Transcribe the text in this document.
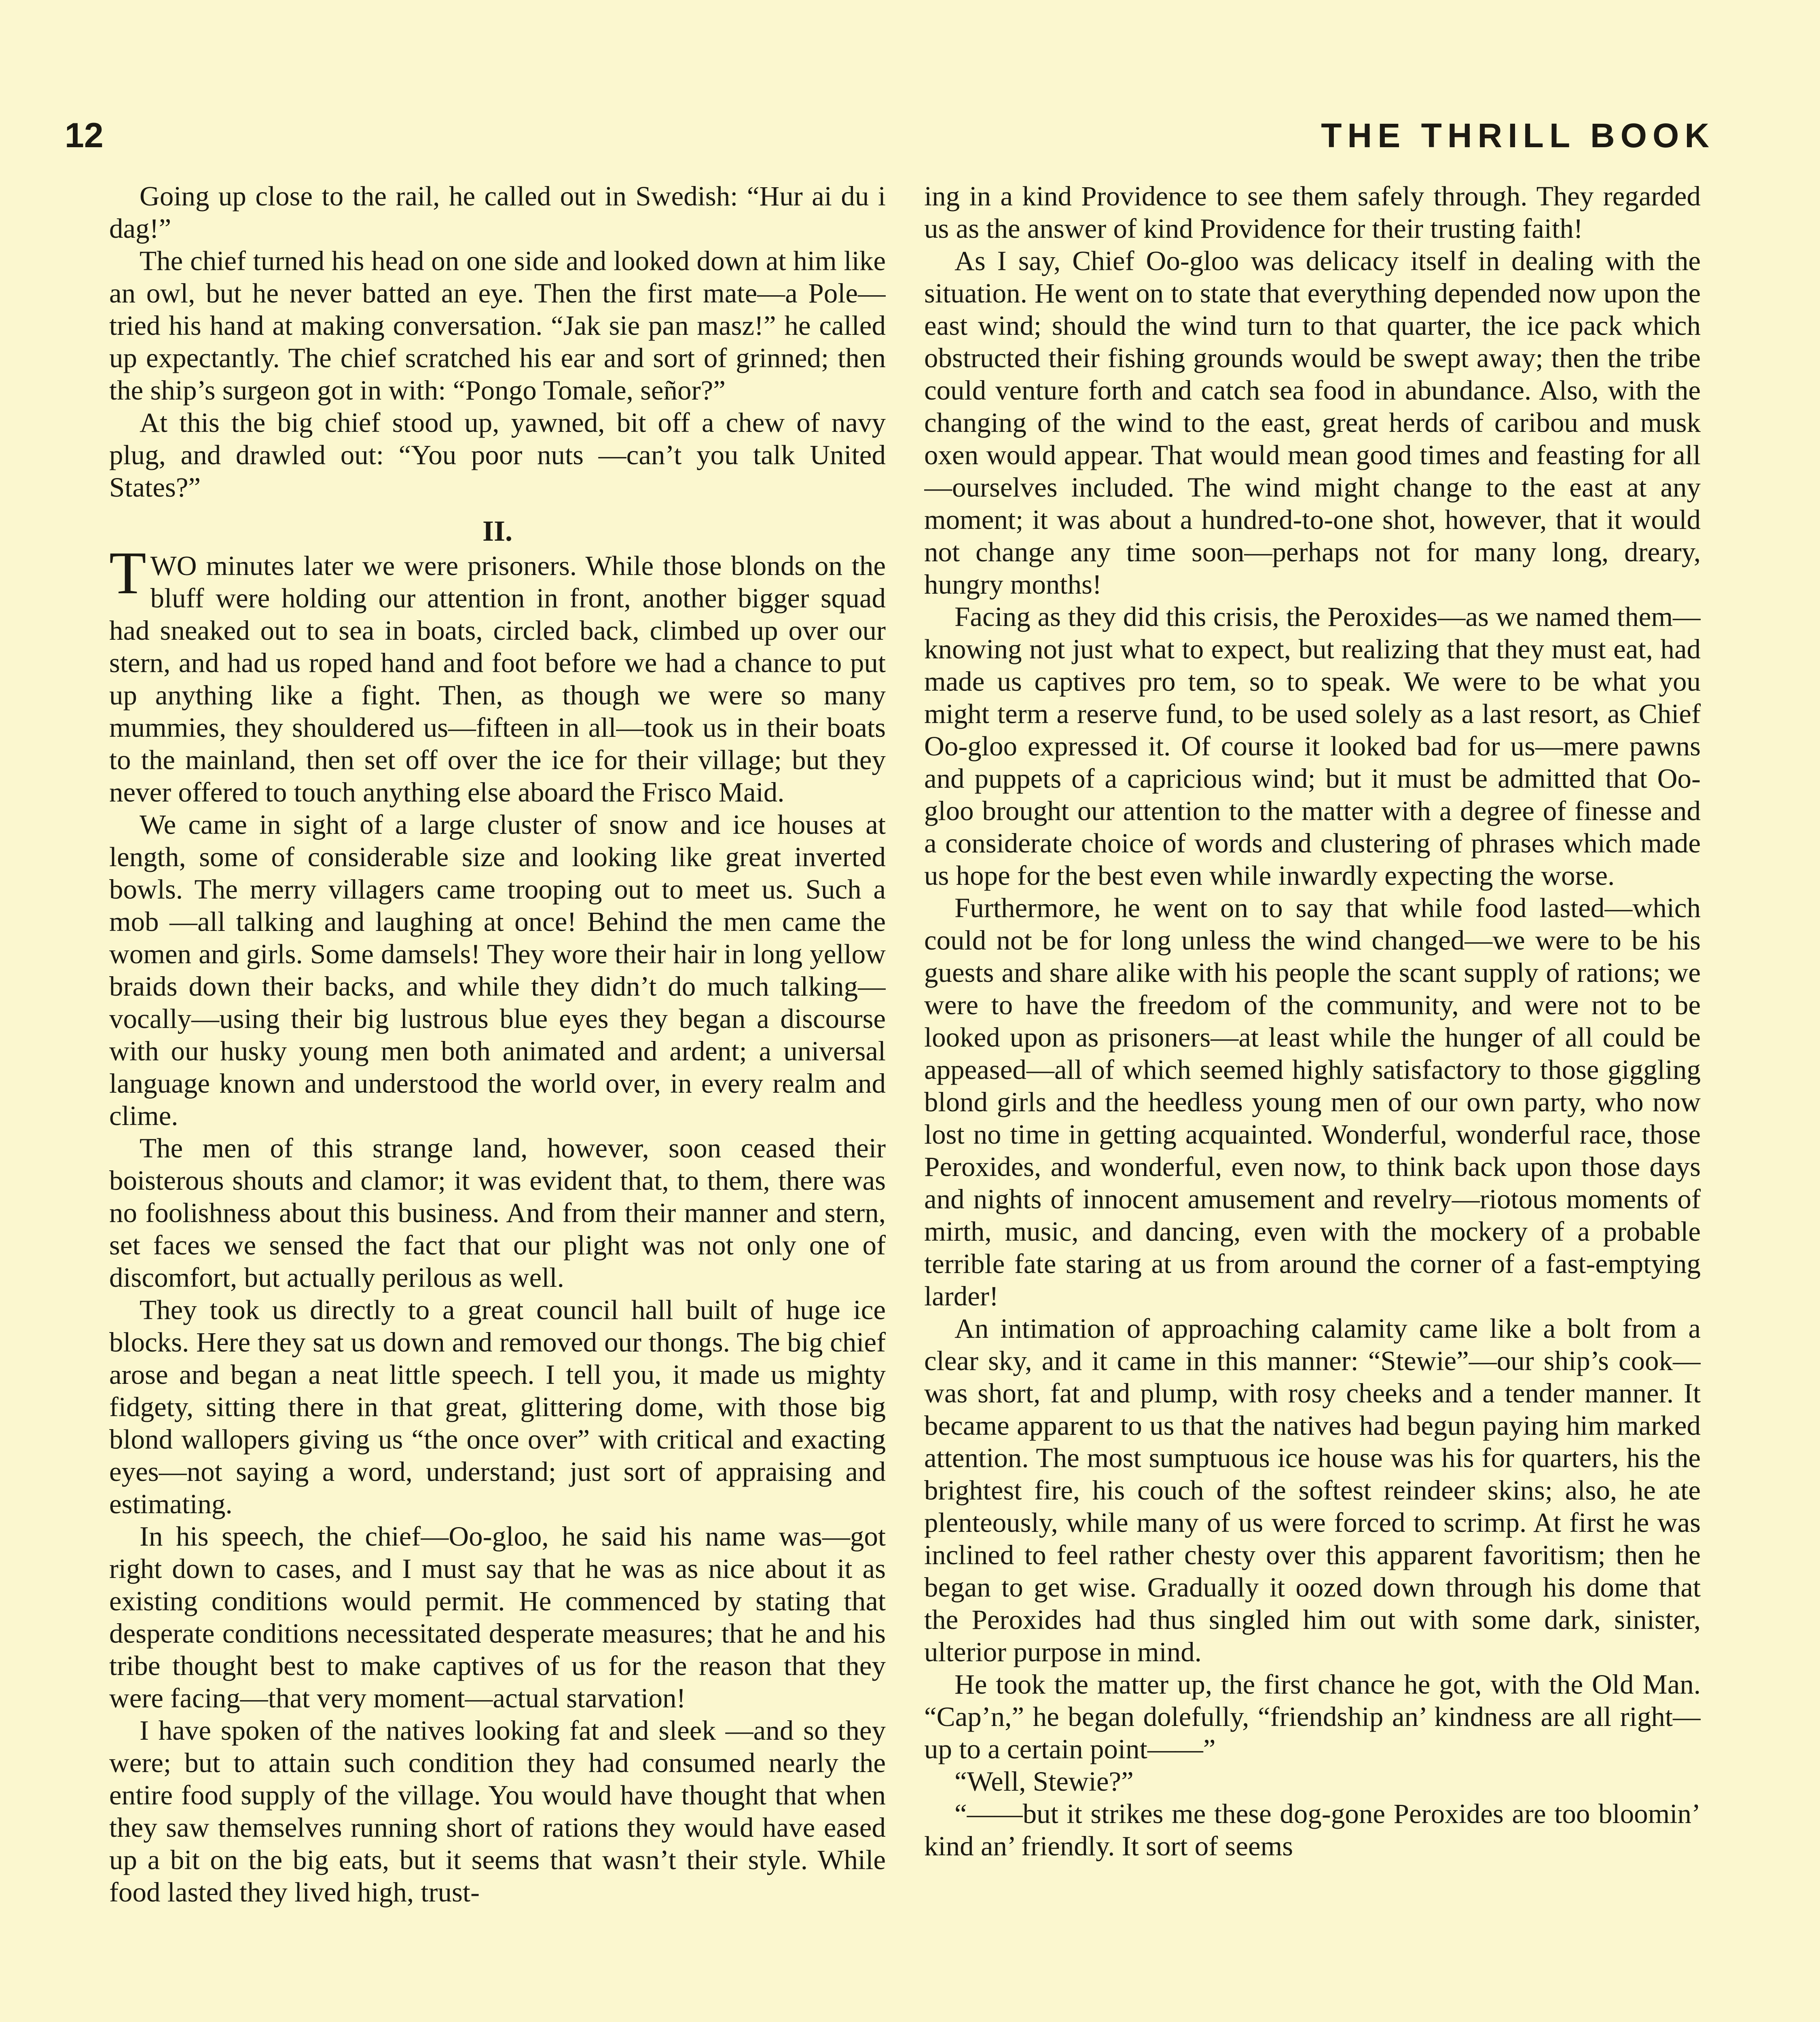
12	THE THRILL BOOK

Going up close to the rail, he called out in Swedish: “Hur ai du i dag!”

The chief turned his head on one side and looked down at him like an owl, but he never batted an eye. Then the first mate—a Pole—tried his hand at making conversation. “Jak sie pan masz!” he called up expectantly. The chief scratched his ear and sort of grinned; then the ship’s surgeon got in with: “Pongo Tomale, señor?”

At this the big chief stood up, yawned, bit off a chew of navy plug, and drawled out: “You poor nuts —can’t you talk United States?”

II.

TWO minutes later we were prisoners. While those blonds on the bluff were holding our attention in front, another bigger squad had sneaked out to sea in boats, circled back, climbed up over our stern, and had us roped hand and foot before we had a chance to put up anything like a fight. Then, as though we were so many mummies, they shouldered us—fifteen in all—took us in their boats to the mainland, then set off over the ice for their village; but they never offered to touch anything else aboard the Frisco Maid.

We came in sight of a large cluster of snow and ice houses at length, some of considerable size and looking like great inverted bowls. The merry villagers came trooping out to meet us. Such a mob —all talking and laughing at once! Behind the men came the women and girls. Some damsels! They wore their hair in long yellow braids down their backs, and while they didn’t do much talking—vocally—using their big lustrous blue eyes they began a discourse with our husky young men both animated and ardent; a universal language known and understood the world over, in every realm and clime.

The men of this strange land, however, soon ceased their boisterous shouts and clamor; it was evident that, to them, there was no foolishness about this business. And from their manner and stern, set faces we sensed the fact that our plight was not only one of discomfort, but actually perilous as well.

They took us directly to a great council hall built of huge ice blocks. Here they sat us down and removed our thongs. The big chief arose and began a neat little speech. I tell you, it made us mighty fidgety, sitting there in that great, glittering dome, with those big blond wallopers giving us “the once over” with critical and exacting eyes—not saying a word, understand; just sort of appraising and estimating.

In his speech, the chief—Oo-gloo, he said his name was—got right down to cases, and I must say that he was as nice about it as existing conditions would permit. He commenced by stating that desperate conditions necessitated desperate measures; that he and his tribe thought best to make captives of us for the reason that they were facing—that very moment—actual starvation!

I have spoken of the natives looking fat and sleek —and so they were; but to attain such condition they had consumed nearly the entire food supply of the village. You would have thought that when they saw themselves running short of rations they would have eased up a bit on the big eats, but it seems that wasn’t their style. While food lasted they lived high, trust-

ing in a kind Providence to see them safely through. They regarded us as the answer of kind Providence for their trusting faith!

As I say, Chief Oo-gloo was delicacy itself in dealing with the situation. He went on to state that everything depended now upon the east wind; should the wind turn to that quarter, the ice pack which obstructed their fishing grounds would be swept away; then the tribe could venture forth and catch sea food in abundance. Also, with the changing of the wind to the east, great herds of caribou and musk oxen would appear. That would mean good times and feasting for all—ourselves included. The wind might change to the east at any moment; it was about a hundred-to-one shot, however, that it would not change any time soon—perhaps not for many long, dreary, hungry months!

Facing as they did this crisis, the Peroxides—as we named them—knowing not just what to expect, but realizing that they must eat, had made us captives pro tem, so to speak. We were to be what you might term a reserve fund, to be used solely as a last resort, as Chief Oo-gloo expressed it. Of course it looked bad for us—mere pawns and puppets of a capricious wind; but it must be admitted that Oo-gloo brought our attention to the matter with a degree of finesse and a considerate choice of words and clustering of phrases which made us hope for the best even while inwardly expecting the worse.

Furthermore, he went on to say that while food lasted—which could not be for long unless the wind changed—we were to be his guests and share alike with his people the scant supply of rations; we were to have the freedom of the community, and were not to be looked upon as prisoners—at least while the hunger of all could be appeased—all of which seemed highly satisfactory to those giggling blond girls and the heedless young men of our own party, who now lost no time in getting acquainted. Wonderful, wonderful race, those Peroxides, and wonderful, even now, to think back upon those days and nights of innocent amusement and revelry—riotous moments of mirth, music, and dancing, even with the mockery of a probable terrible fate staring at us from around the corner of a fast-emptying larder!

An intimation of approaching calamity came like a bolt from a clear sky, and it came in this manner: “Stewie”—our ship’s cook—was short, fat and plump, with rosy cheeks and a tender manner. It became apparent to us that the natives had begun paying him marked attention. The most sumptuous ice house was his for quarters, his the brightest fire, his couch of the softest reindeer skins; also, he ate plenteously, while many of us were forced to scrimp. At first he was inclined to feel rather chesty over this apparent favoritism; then he began to get wise. Gradually it oozed down through his dome that the Peroxides had thus singled him out with some dark, sinister, ulterior purpose in mind.

He took the matter up, the first chance he got, with the Old Man. “Cap’n,” he began dolefully, “friendship an’ kindness are all right—up to a certain point——”

“Well, Stewie?”

“——but it strikes me these dog-gone Peroxides are too bloomin’ kind an’ friendly. It sort of seems
